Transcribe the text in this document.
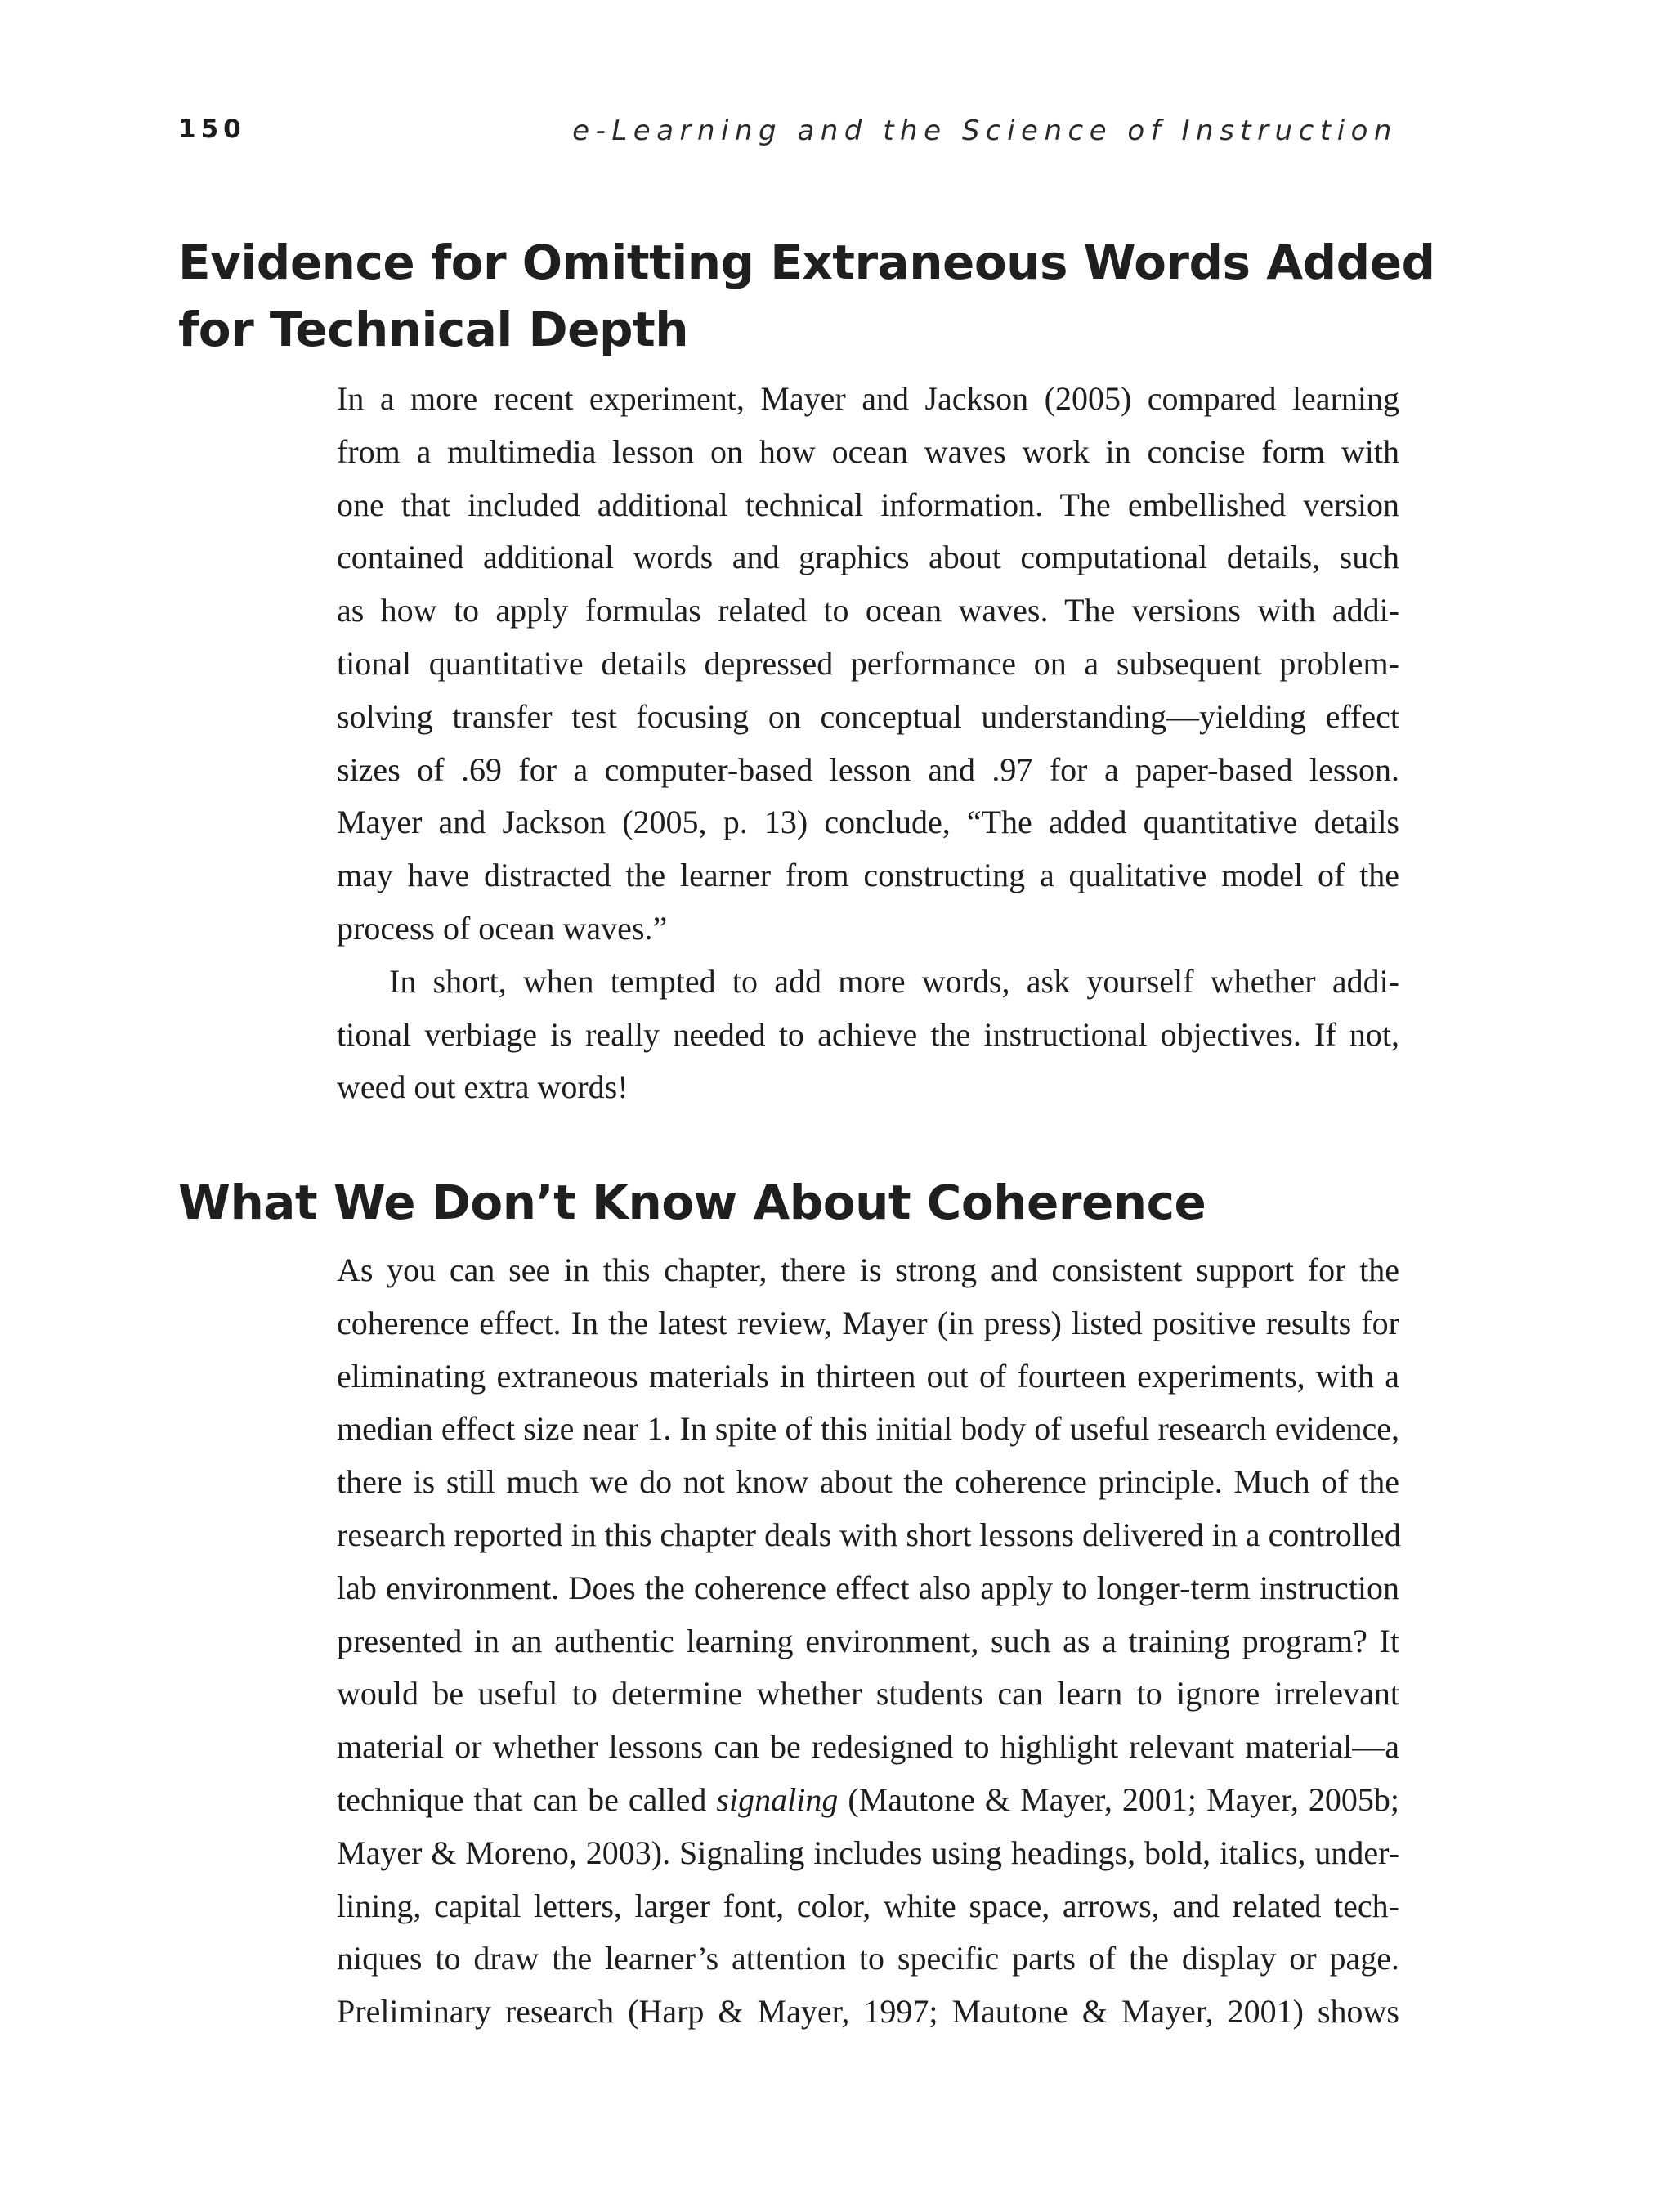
150	e-Learning and the Science of Instruction
Evidence for Omitting Extraneous Words Added
for Technical Depth
In a more recent experiment, Mayer and Jackson (2005) compared learning
from a multimedia lesson on how ocean waves work in concise form with
one that included additional technical information. The embellished version
contained additional words and graphics about computational details, such
as how to apply formulas related to ocean waves. The versions with addi-
tional quantitative details depressed performance on a subsequent problem-
solving transfer test focusing on conceptual understanding—yielding effect
sizes of .69 for a computer-based lesson and .97 for a paper-based lesson.
Mayer and Jackson (2005, p. 13) conclude, “The added quantitative details
may have distracted the learner from constructing a qualitative model of the
process of ocean waves.”
In short, when tempted to add more words, ask yourself whether addi-
tional verbiage is really needed to achieve the instructional objectives. If not,
weed out extra words!
What We Don’t Know About Coherence
As you can see in this chapter, there is strong and consistent support for the
coherence effect. In the latest review, Mayer (in press) listed positive results for
eliminating extraneous materials in thirteen out of fourteen experiments, with a
median effect size near 1. In spite of this initial body of useful research evidence,
there is still much we do not know about the coherence principle. Much of the
research reported in this chapter deals with short lessons delivered in a controlled
lab environment. Does the coherence effect also apply to longer-term instruction
presented in an authentic learning environment, such as a training program? It
would be useful to determine whether students can learn to ignore irrelevant
material or whether lessons can be redesigned to highlight relevant material—a
technique that can be called signaling (Mautone & Mayer, 2001; Mayer, 2005b;
Mayer & Moreno, 2003). Signaling includes using headings, bold, italics, under-
lining, capital letters, larger font, color, white space, arrows, and related tech-
niques to draw the learner’s attention to specific parts of the display or page.
Preliminary research (Harp & Mayer, 1997; Mautone & Mayer, 2001) shows
